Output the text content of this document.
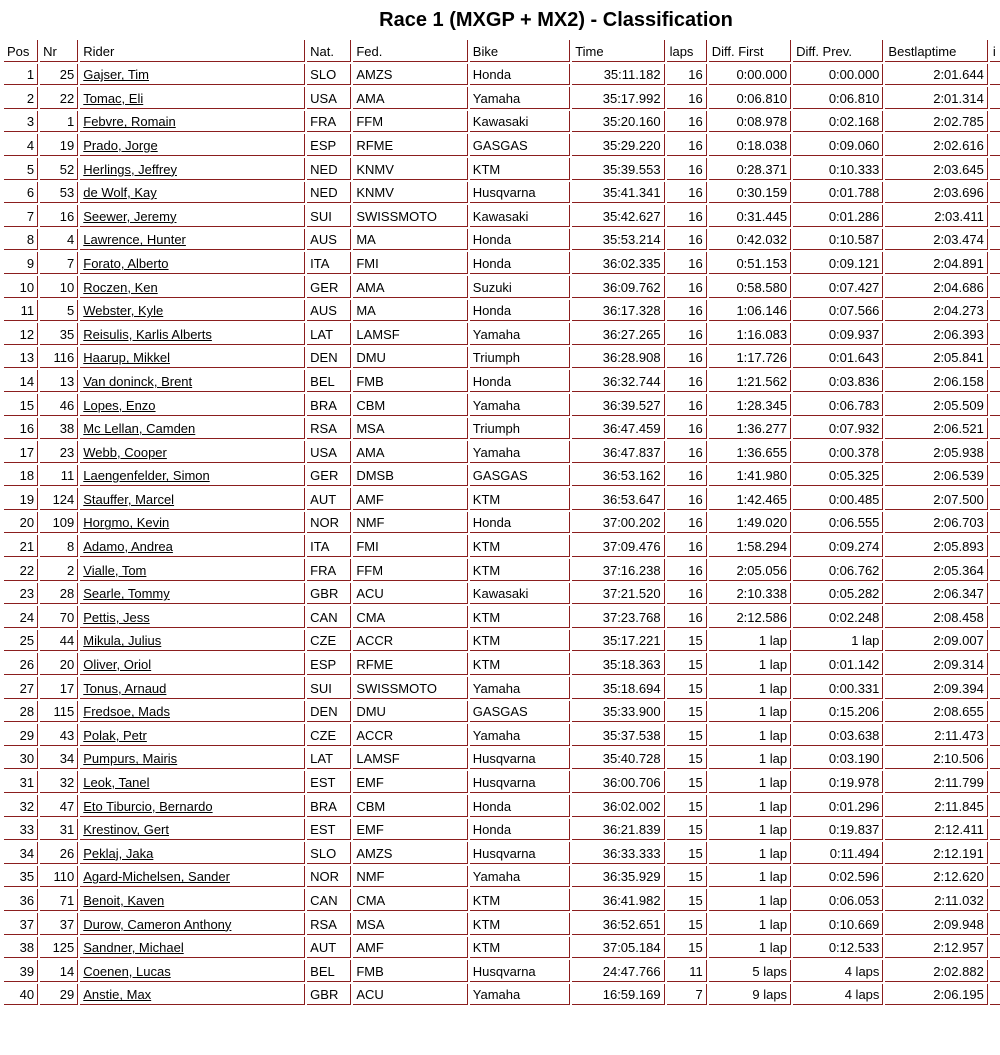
Race 1 (MXGP + MX2) - Classification
Pos	Nr	Rider	Nat.	Fed.	Bike	Time	laps	Diff. First	Diff. Prev.	Bestlaptime	i
1	25	Gajser, Tim	SLO	AMZS	Honda	35:11.182	16	0:00.000	0:00.000	2:01.644	
2	22	Tomac, Eli	USA	AMA	Yamaha	35:17.992	16	0:06.810	0:06.810	2:01.314	
3	1	Febvre, Romain	FRA	FFM	Kawasaki	35:20.160	16	0:08.978	0:02.168	2:02.785	
4	19	Prado, Jorge	ESP	RFME	GASGAS	35:29.220	16	0:18.038	0:09.060	2:02.616	
5	52	Herlings, Jeffrey	NED	KNMV	KTM	35:39.553	16	0:28.371	0:10.333	2:03.645	
6	53	de Wolf, Kay	NED	KNMV	Husqvarna	35:41.341	16	0:30.159	0:01.788	2:03.696	
7	16	Seewer, Jeremy	SUI	SWISSMOTO	Kawasaki	35:42.627	16	0:31.445	0:01.286	2:03.411	
8	4	Lawrence, Hunter	AUS	MA	Honda	35:53.214	16	0:42.032	0:10.587	2:03.474	
9	7	Forato, Alberto	ITA	FMI	Honda	36:02.335	16	0:51.153	0:09.121	2:04.891	
10	10	Roczen, Ken	GER	AMA	Suzuki	36:09.762	16	0:58.580	0:07.427	2:04.686	
11	5	Webster, Kyle	AUS	MA	Honda	36:17.328	16	1:06.146	0:07.566	2:04.273	
12	35	Reisulis, Karlis Alberts	LAT	LAMSF	Yamaha	36:27.265	16	1:16.083	0:09.937	2:06.393	
13	116	Haarup, Mikkel	DEN	DMU	Triumph	36:28.908	16	1:17.726	0:01.643	2:05.841	
14	13	Van doninck, Brent	BEL	FMB	Honda	36:32.744	16	1:21.562	0:03.836	2:06.158	
15	46	Lopes, Enzo	BRA	CBM	Yamaha	36:39.527	16	1:28.345	0:06.783	2:05.509	
16	38	Mc Lellan, Camden	RSA	MSA	Triumph	36:47.459	16	1:36.277	0:07.932	2:06.521	
17	23	Webb, Cooper	USA	AMA	Yamaha	36:47.837	16	1:36.655	0:00.378	2:05.938	
18	11	Laengenfelder, Simon	GER	DMSB	GASGAS	36:53.162	16	1:41.980	0:05.325	2:06.539	
19	124	Stauffer, Marcel	AUT	AMF	KTM	36:53.647	16	1:42.465	0:00.485	2:07.500	
20	109	Horgmo, Kevin	NOR	NMF	Honda	37:00.202	16	1:49.020	0:06.555	2:06.703	
21	8	Adamo, Andrea	ITA	FMI	KTM	37:09.476	16	1:58.294	0:09.274	2:05.893	
22	2	Vialle, Tom	FRA	FFM	KTM	37:16.238	16	2:05.056	0:06.762	2:05.364	
23	28	Searle, Tommy	GBR	ACU	Kawasaki	37:21.520	16	2:10.338	0:05.282	2:06.347	
24	70	Pettis, Jess	CAN	CMA	KTM	37:23.768	16	2:12.586	0:02.248	2:08.458	
25	44	Mikula, Julius	CZE	ACCR	KTM	35:17.221	15	1 lap	1 lap	2:09.007	
26	20	Oliver, Oriol	ESP	RFME	KTM	35:18.363	15	1 lap	0:01.142	2:09.314	
27	17	Tonus, Arnaud	SUI	SWISSMOTO	Yamaha	35:18.694	15	1 lap	0:00.331	2:09.394	
28	115	Fredsoe, Mads	DEN	DMU	GASGAS	35:33.900	15	1 lap	0:15.206	2:08.655	
29	43	Polak, Petr	CZE	ACCR	Yamaha	35:37.538	15	1 lap	0:03.638	2:11.473	
30	34	Pumpurs, Mairis	LAT	LAMSF	Husqvarna	35:40.728	15	1 lap	0:03.190	2:10.506	
31	32	Leok, Tanel	EST	EMF	Husqvarna	36:00.706	15	1 lap	0:19.978	2:11.799	
32	47	Eto Tiburcio, Bernardo	BRA	CBM	Honda	36:02.002	15	1 lap	0:01.296	2:11.845	
33	31	Krestinov, Gert	EST	EMF	Honda	36:21.839	15	1 lap	0:19.837	2:12.411	
34	26	Peklaj, Jaka	SLO	AMZS	Husqvarna	36:33.333	15	1 lap	0:11.494	2:12.191	
35	110	Agard-Michelsen, Sander	NOR	NMF	Yamaha	36:35.929	15	1 lap	0:02.596	2:12.620	
36	71	Benoit, Kaven	CAN	CMA	KTM	36:41.982	15	1 lap	0:06.053	2:11.032	
37	37	Durow, Cameron Anthony	RSA	MSA	KTM	36:52.651	15	1 lap	0:10.669	2:09.948	
38	125	Sandner, Michael	AUT	AMF	KTM	37:05.184	15	1 lap	0:12.533	2:12.957	
39	14	Coenen, Lucas	BEL	FMB	Husqvarna	24:47.766	11	5 laps	4 laps	2:02.882	
40	29	Anstie, Max	GBR	ACU	Yamaha	16:59.169	7	9 laps	4 laps	2:06.195	
